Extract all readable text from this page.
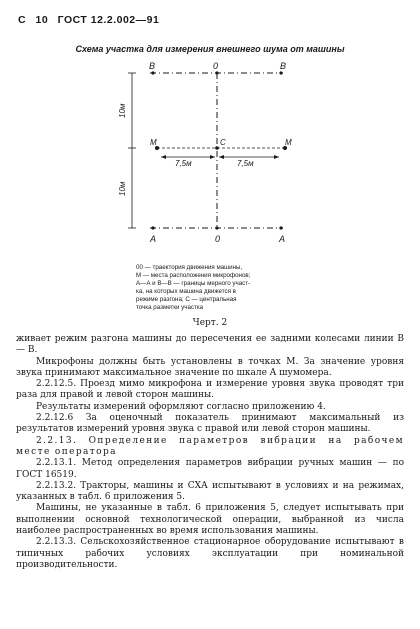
С 10 ГОСТ 12.2.002—91
Схема участка для измерения внешнего шума от машины
B	0	B
A	0	A
M	C	M
7,5м	7,5м
10м
10м
00 — траектория движения машины,
М — места расположения микрофонов;
А—А и В—В — границы мерного участ-
ка, на которых машина движется в
режиме разгона; С — центральная
точка разметки участка
Черт. 2

живает режим разгона машины до пересечения ее задними колесами линии B — B.

Микрофоны должны быть установлены в точках M. За значение уровня звука принимают максимальное значение по шкале A шумомера.

2.2.12.5. Проезд мимо микрофона и измерение уровня звука проводят три раза для правой и левой сторон машины.

Результаты измерений оформляют согласно приложению 4.

2.2.12.6 За оценочный показатель принимают максимальный из результатов измерений уровня звука с правой или левой сторон машины.

2.2.13. Определение параметров вибрации на рабочем месте оператора

2.2.13.1. Метод определения параметров вибрации ручных машин — по ГОСТ 16519.

2.2.13.2. Тракторы, машины и СХА испытывают в условиях и на режимах, указанных в табл. 6 приложения 5.

Машины, не указанные в табл. 6 приложения 5, следует испытывать при выполнении основной технологической операции, выбранной из числа наиболее распространенных во время использования машины.

2.2.13.3. Сельскохозяйственное стационарное оборудование испытывают в типичных рабочих условиях эксплуатации при номинальной производительности.
